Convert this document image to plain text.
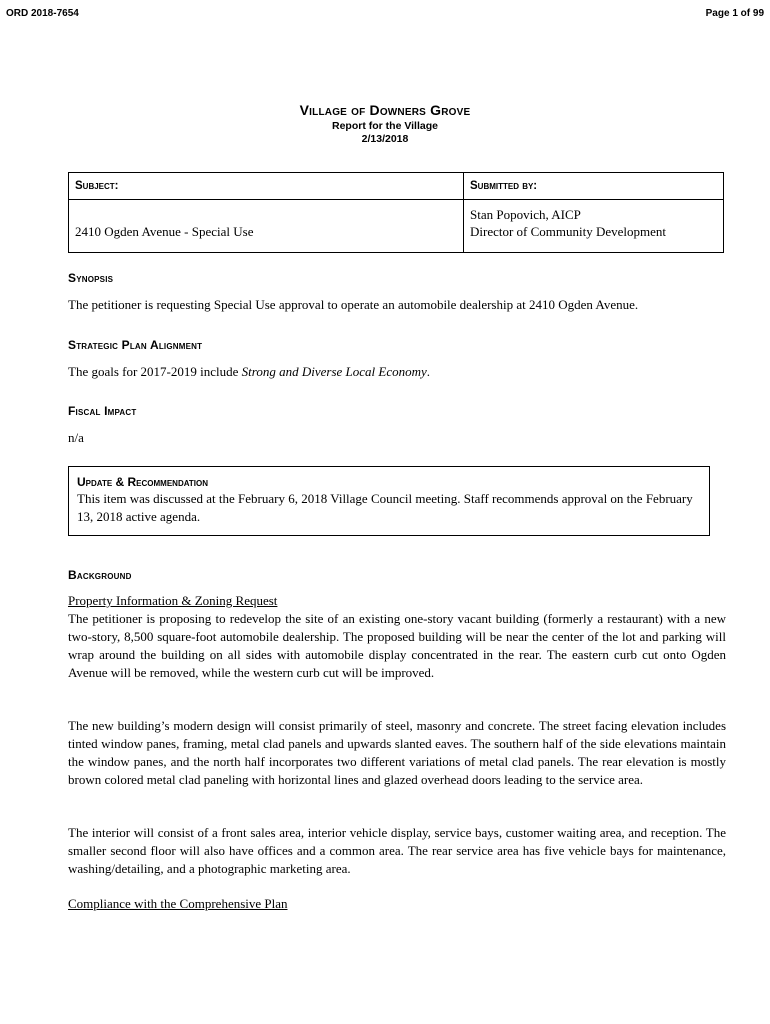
ORD 2018-7654	Page 1 of 99
Village of Downers Grove
Report for the Village
2/13/2018
Subject:	Submitted by:

2410 Ogden Avenue - Special Use	Stan Popovich, AICP
Director of Community Development
Synopsis
The petitioner is requesting Special Use approval to operate an automobile dealership at 2410 Ogden Avenue.
Strategic Plan Alignment
The goals for 2017-2019 include Strong and Diverse Local Economy.
Fiscal Impact
n/a
Update & Recommendation
This item was discussed at the February 6, 2018 Village Council meeting. Staff recommends approval on the February 13, 2018 active agenda.
Background
Property Information & Zoning Request
The petitioner is proposing to redevelop the site of an existing one-story vacant building (formerly a restaurant) with a new two-story, 8,500 square-foot automobile dealership. The proposed building will be near the center of the lot and parking will wrap around the building on all sides with automobile display concentrated in the rear. The eastern curb cut onto Ogden Avenue will be removed, while the western curb cut will be improved.
The new building’s modern design will consist primarily of steel, masonry and concrete. The street facing elevation includes tinted window panes, framing, metal clad panels and upwards slanted eaves. The southern half of the side elevations maintain the window panes, and the north half incorporates two different variations of metal clad panels. The rear elevation is mostly brown colored metal clad paneling with horizontal lines and glazed overhead doors leading to the service area.
The interior will consist of a front sales area, interior vehicle display, service bays, customer waiting area, and reception. The smaller second floor will also have offices and a common area. The rear service area has five vehicle bays for maintenance, washing/detailing, and a photographic marketing area.
Compliance with the Comprehensive Plan
